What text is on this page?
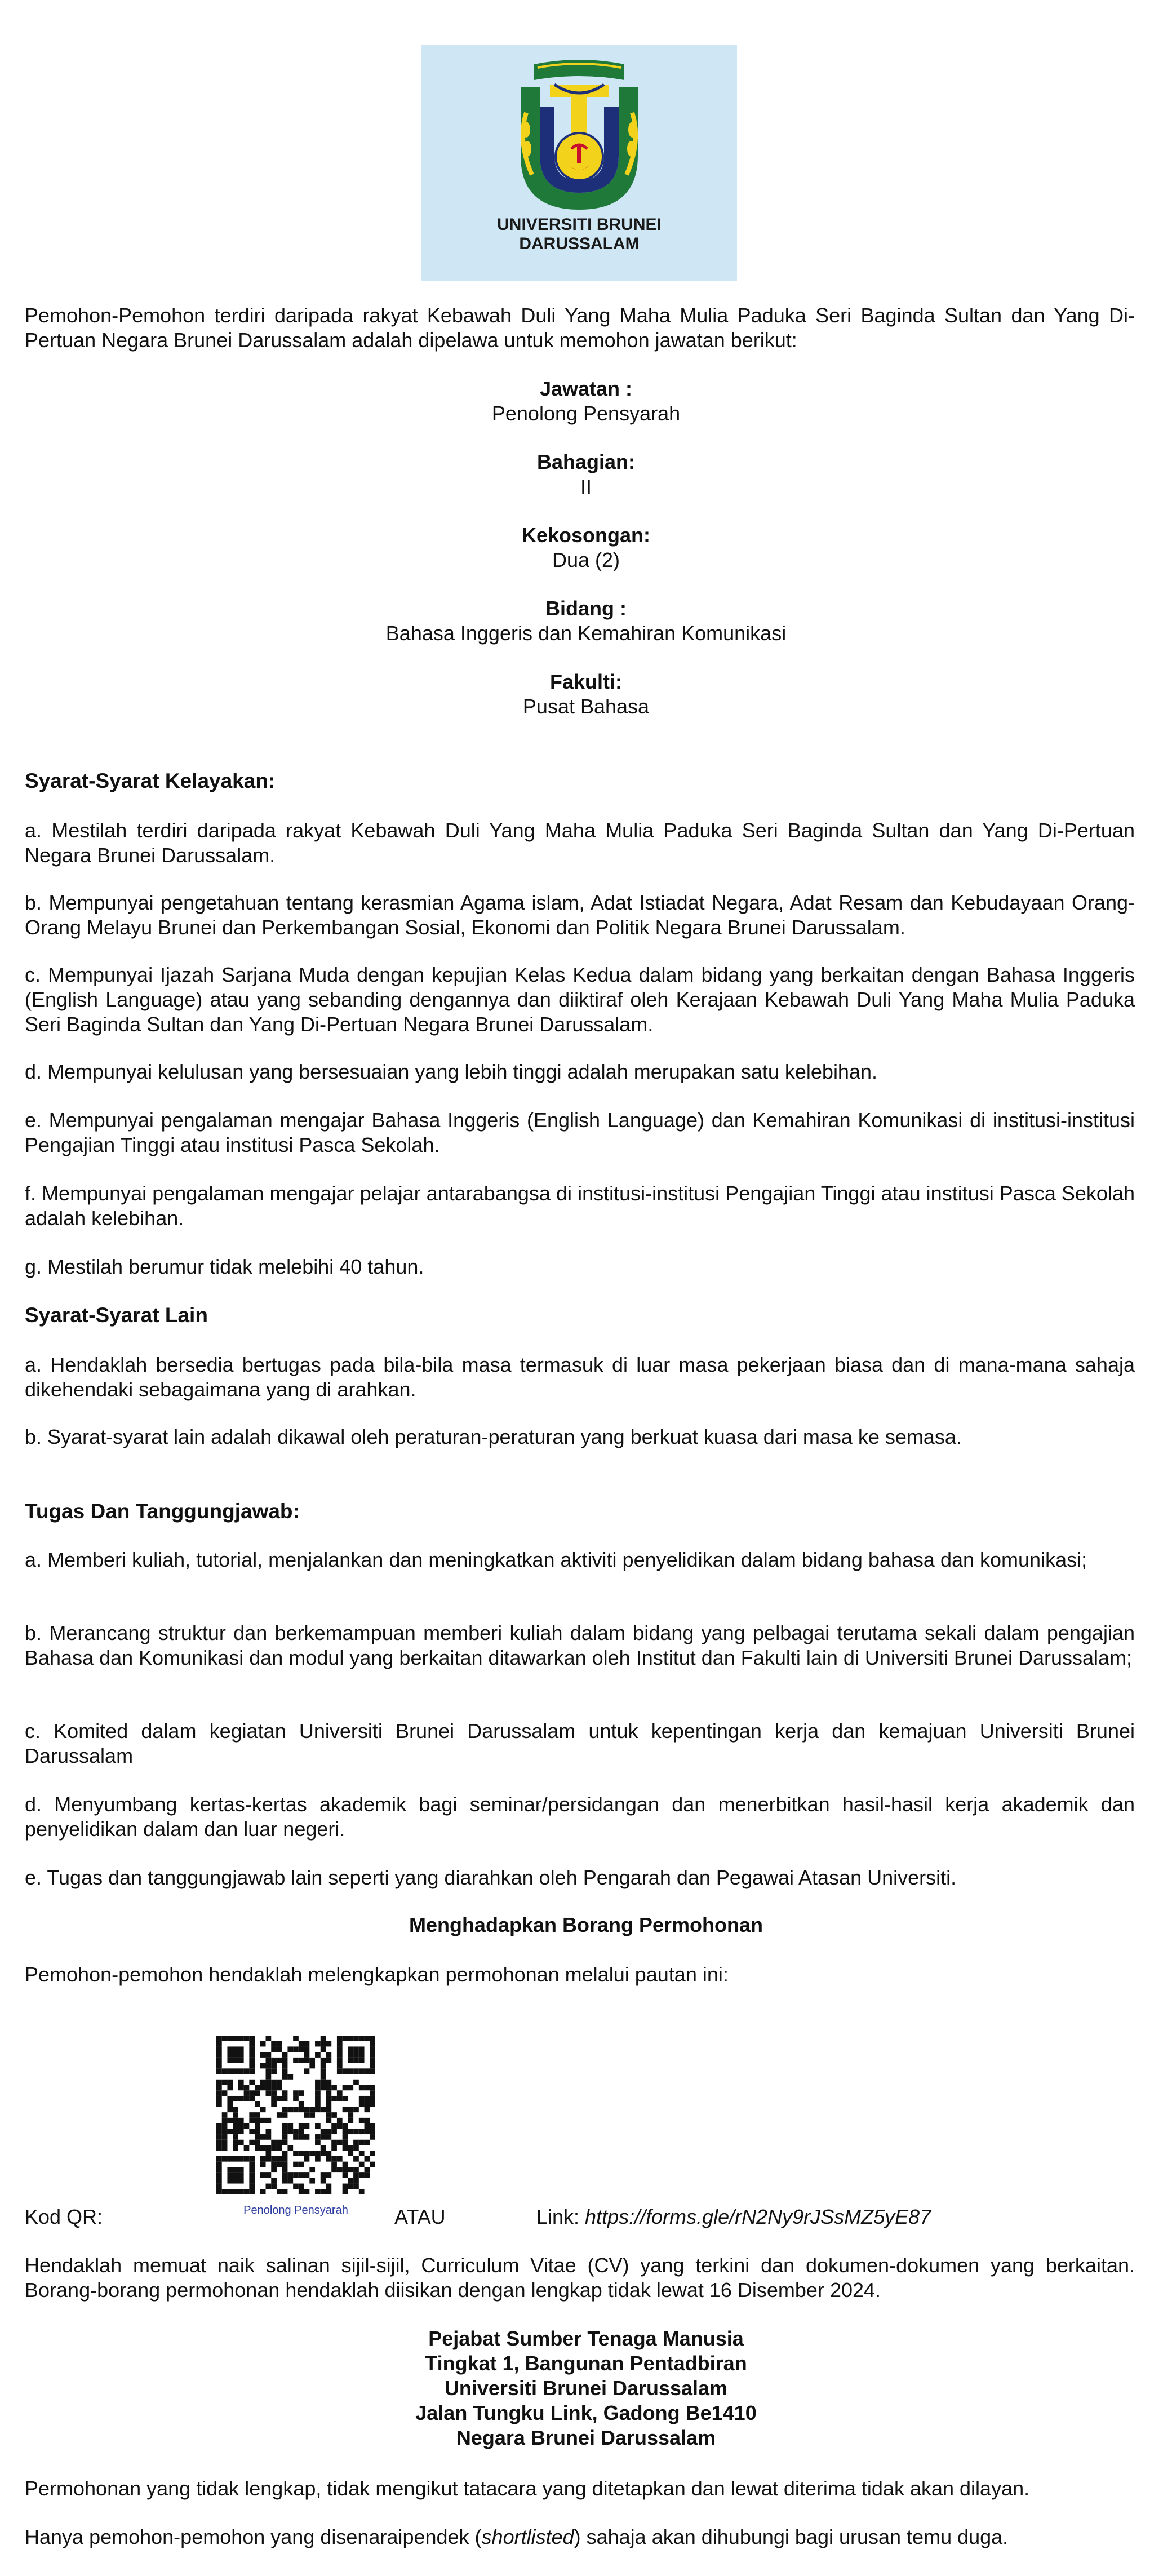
UNIVERSITI BRUNEI
DARUSSALAM

Pemohon-Pemohon terdiri daripada rakyat Kebawah Duli Yang Maha Mulia Paduka Seri Baginda Sultan dan Yang Di-Pertuan Negara Brunei Darussalam adalah dipelawa untuk memohon jawatan berikut:

Jawatan :
Penolong Pensyarah
Bahagian:
II
Kekosongan:
Dua (2)
Bidang :
Bahasa Inggeris dan Kemahiran Komunikasi
Fakulti:
Pusat Bahasa
Syarat-Syarat Kelayakan:

a. Mestilah terdiri daripada rakyat Kebawah Duli Yang Maha Mulia Paduka Seri Baginda Sultan dan Yang Di-Pertuan Negara Brunei Darussalam.

b. Mempunyai pengetahuan tentang kerasmian Agama islam, Adat Istiadat Negara, Adat Resam dan Kebudayaan Orang-Orang Melayu Brunei dan Perkembangan Sosial, Ekonomi dan Politik Negara Brunei Darussalam.

c. Mempunyai Ijazah Sarjana Muda dengan kepujian Kelas Kedua dalam bidang yang berkaitan dengan Bahasa Inggeris (English Language) atau yang sebanding dengannya dan diiktiraf oleh Kerajaan Kebawah Duli Yang Maha Mulia Paduka Seri Baginda Sultan dan Yang Di-Pertuan Negara Brunei Darussalam.

d. Mempunyai kelulusan yang bersesuaian yang lebih tinggi adalah merupakan satu kelebihan.

e. Mempunyai pengalaman mengajar Bahasa Inggeris (English Language) dan Kemahiran Komunikasi di institusi-institusi Pengajian Tinggi atau institusi Pasca Sekolah.

f. Mempunyai pengalaman mengajar pelajar antarabangsa di institusi-institusi Pengajian Tinggi atau institusi Pasca Sekolah adalah kelebihan.

g. Mestilah berumur tidak melebihi 40 tahun.

Syarat-Syarat Lain

a. Hendaklah bersedia bertugas pada bila-bila masa termasuk di luar masa pekerjaan biasa dan di mana-mana sahaja dikehendaki sebagaimana yang di arahkan.

b. Syarat-syarat lain adalah dikawal oleh peraturan-peraturan yang berkuat kuasa dari masa ke semasa.

Tugas Dan Tanggungjawab:

a. Memberi kuliah, tutorial, menjalankan dan meningkatkan aktiviti penyelidikan dalam bidang bahasa dan komunikasi;

b. Merancang struktur dan berkemampuan memberi kuliah dalam bidang yang pelbagai terutama sekali dalam pengajian Bahasa dan Komunikasi dan modul yang berkaitan ditawarkan oleh Institut dan Fakulti lain di Universiti Brunei Darussalam;

c. Komited dalam kegiatan Universiti Brunei Darussalam untuk kepentingan kerja dan kemajuan Universiti Brunei Darussalam

d. Menyumbang kertas-kertas akademik bagi seminar/persidangan dan menerbitkan hasil-hasil kerja akademik dan penyelidikan dalam dan luar negeri.

e. Tugas dan tanggungjawab lain seperti yang diarahkan oleh Pengarah dan Pegawai Atasan Universiti.

Menghadapkan Borang Permohonan

Pemohon-pemohon hendaklah melengkapkan permohonan melalui pautan ini:

Penolong Pensyarah
Kod QR:	ATAU	Link: https://forms.gle/rN2Ny9rJSsMZ5yE87

Hendaklah memuat naik salinan sijil-sijil, Curriculum Vitae (CV) yang terkini dan dokumen-dokumen yang berkaitan. Borang-borang permohonan hendaklah diisikan dengan lengkap tidak lewat 16 Disember 2024.

Pejabat Sumber Tenaga Manusia
Tingkat 1, Bangunan Pentadbiran
Universiti Brunei Darussalam
Jalan Tungku Link, Gadong Be1410
Negara Brunei Darussalam

Permohonan yang tidak lengkap, tidak mengikut tatacara yang ditetapkan dan lewat diterima tidak akan dilayan.

Hanya pemohon-pemohon yang disenaraipendek (shortlisted) sahaja akan dihubungi bagi urusan temu duga.
